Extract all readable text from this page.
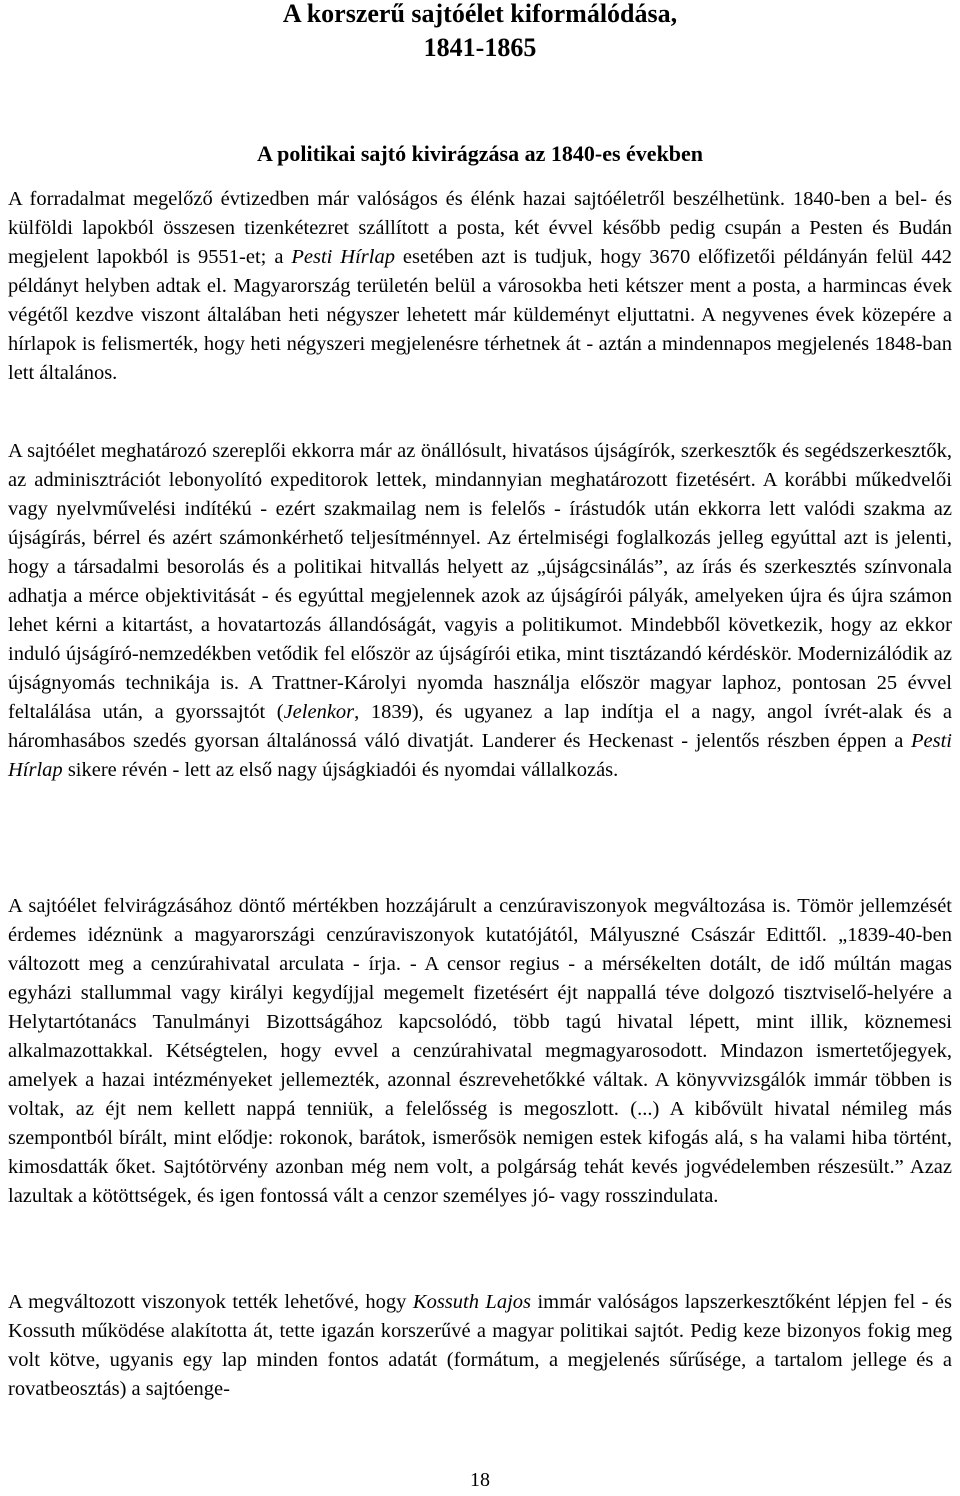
A korszerű sajtóélet kiformálódása,
1841-1865
A politikai sajtó kivirágzása az 1840-es években
A forradalmat megelőző évtizedben már valóságos és élénk hazai sajtóéletről beszélhetünk. 1840-ben a bel- és külföldi lapokból összesen tizenkétezret szállított a posta, két évvel később pedig csupán a Pesten és Budán megjelent lapokból is 9551-et; a Pesti Hírlap esetében azt is tudjuk, hogy 3670 előfizetői példányán felül 442 példányt helyben adtak el. Magyarország területén belül a városokba heti kétszer ment a posta, a harmincas évek végétől kezdve viszont általában heti négyszer lehetett már küldeményt eljuttatni. A negyvenes évek közepére a hírlapok is felismerték, hogy heti négyszeri megjelenésre térhetnek át - aztán a mindennapos megjelenés 1848-ban lett általános.
A sajtóélet meghatározó szereplői ekkorra már az önállósult, hivatásos újságírók, szerkesztők és segédszerkesztők, az adminisztrációt lebonyolító expeditorok lettek, mindannyian meghatározott fizetésért. A korábbi műkedvelői vagy nyelvművelési indítékú - ezért szakmailag nem is felelős - írástudók után ekkorra lett valódi szakma az újságírás, bérrel és azért számonkérhető teljesítménnyel. Az értelmiségi foglalkozás jelleg egyúttal azt is jelenti, hogy a társadalmi besorolás és a politikai hitvallás helyett az „újságcsinálás”, az írás és szerkesztés színvonala adhatja a mérce objektivitását - és egyúttal megjelennek azok az újságírói pályák, amelyeken újra és újra számon lehet kérni a kitartást, a hovatartozás állandóságát, vagyis a politikumot. Mindebből következik, hogy az ekkor induló újságíró-nemzedékben vetődik fel először az újságírói etika, mint tisztázandó kérdéskör. Modernizálódik az újságnyomás technikája is. A Trattner-Károlyi nyomda használja először magyar laphoz, pontosan 25 évvel feltalálása után, a gyorssajtót (Jelenkor, 1839), és ugyanez a lap indítja el a nagy, angol ívrét-alak és a háromhasábos szedés gyorsan általánossá váló divatját. Landerer és Heckenast - jelentős részben éppen a Pesti Hírlap sikere révén - lett az első nagy újságkiadói és nyomdai vállalkozás.
A sajtóélet felvirágzásához döntő mértékben hozzájárult a cenzúraviszonyok megváltozása is. Tömör jellemzését érdemes idéznünk a magyarországi cenzúraviszonyok kutatójától, Mályuszné Császár Edittől. „1839-40-ben változott meg a cenzúrahivatal arculata - írja. - A censor regius - a mérsékelten dotált, de idő múltán magas egyházi stallummal vagy királyi kegydíjjal megemelt fizetésért éjt nappallá téve dolgozó tisztviselő-helyére a Helytartótanács Tanulmányi Bizottságához kapcsolódó, több tagú hivatal lépett, mint illik, köznemesi alkalmazottakkal. Kétségtelen, hogy evvel a cenzúrahivatal megmagyarosodott. Mindazon ismertetőjegyek, amelyek a hazai intézményeket jellemezték, azonnal észrevehetőkké váltak. A könyvvizsgálók immár többen is voltak, az éjt nem kellett nappá tenniük, a felelősség is megoszlott. (...) A kibővült hivatal némileg más szempontból bírált, mint elődje: rokonok, barátok, ismerősök nemigen estek kifogás alá, s ha valami hiba történt, kimosdatták őket. Sajtótörvény azonban még nem volt, a polgárság tehát kevés jogvédelemben részesült.” Azaz lazultak a kötöttségek, és igen fontossá vált a cenzor személyes jó- vagy rosszindulata.
A megváltozott viszonyok tették lehetővé, hogy Kossuth Lajos immár valóságos lapszerkesztőként lépjen fel - és Kossuth működése alakította át, tette igazán korszerűvé a magyar politikai sajtót. Pedig keze bizonyos fokig meg volt kötve, ugyanis egy lap minden fontos adatát (formátum, a megjelenés sűrűsége, a tartalom jellege és a rovatbeosztás) a sajtóenge-
18
